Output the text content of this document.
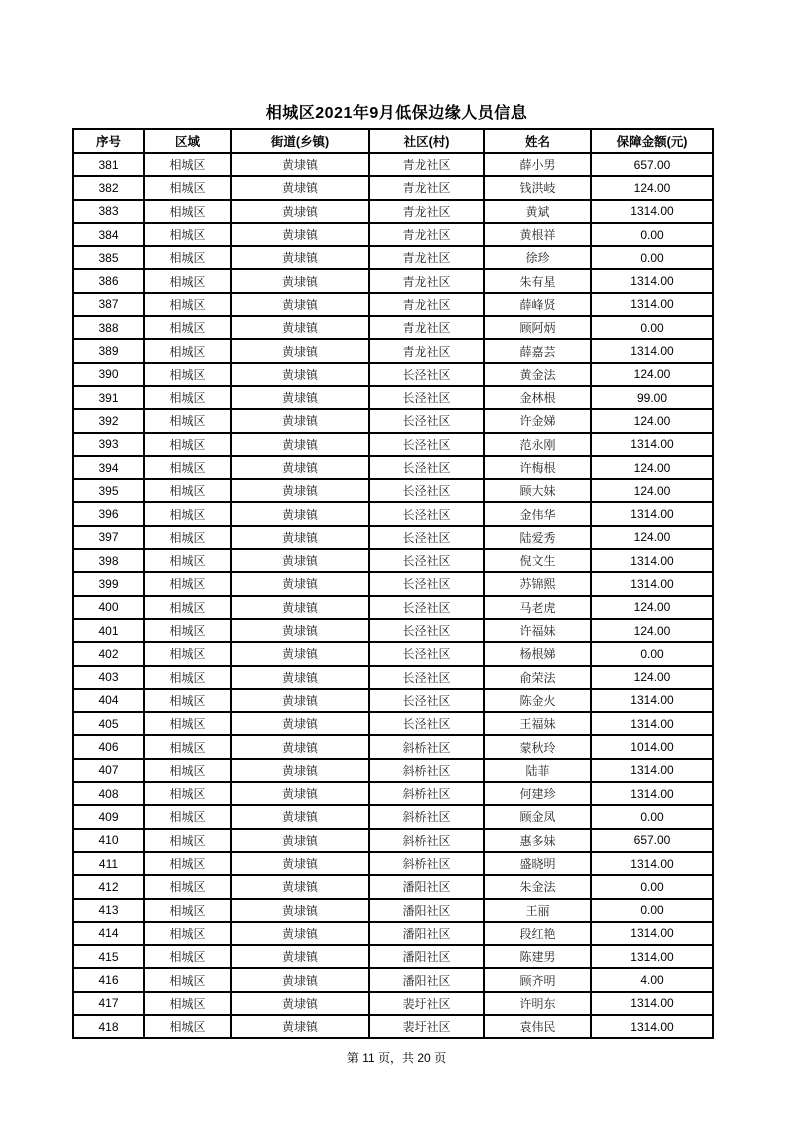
相城区2021年9月低保边缘人员信息
序号	区域	街道(乡镇)	社区(村)	姓名	保障金额(元)
381	相城区	黄埭镇	青龙社区	薛小男	657.00
382	相城区	黄埭镇	青龙社区	钱洪岐	124.00
383	相城区	黄埭镇	青龙社区	黄斌	1314.00
384	相城区	黄埭镇	青龙社区	黄根祥	0.00
385	相城区	黄埭镇	青龙社区	徐珍	0.00
386	相城区	黄埭镇	青龙社区	朱有星	1314.00
387	相城区	黄埭镇	青龙社区	薛峰贤	1314.00
388	相城区	黄埭镇	青龙社区	顾阿炳	0.00
389	相城区	黄埭镇	青龙社区	薛嘉芸	1314.00
390	相城区	黄埭镇	长泾社区	黄金法	124.00
391	相城区	黄埭镇	长泾社区	金林根	99.00
392	相城区	黄埭镇	长泾社区	许金娣	124.00
393	相城区	黄埭镇	长泾社区	范永刚	1314.00
394	相城区	黄埭镇	长泾社区	许梅根	124.00
395	相城区	黄埭镇	长泾社区	顾大妹	124.00
396	相城区	黄埭镇	长泾社区	金伟华	1314.00
397	相城区	黄埭镇	长泾社区	陆爱秀	124.00
398	相城区	黄埭镇	长泾社区	倪文生	1314.00
399	相城区	黄埭镇	长泾社区	苏锦熙	1314.00
400	相城区	黄埭镇	长泾社区	马老虎	124.00
401	相城区	黄埭镇	长泾社区	许福妹	124.00
402	相城区	黄埭镇	长泾社区	杨根娣	0.00
403	相城区	黄埭镇	长泾社区	俞荣法	124.00
404	相城区	黄埭镇	长泾社区	陈金火	1314.00
405	相城区	黄埭镇	长泾社区	王福妹	1314.00
406	相城区	黄埭镇	斜桥社区	蒙秋玲	1014.00
407	相城区	黄埭镇	斜桥社区	陆菲	1314.00
408	相城区	黄埭镇	斜桥社区	何建珍	1314.00
409	相城区	黄埭镇	斜桥社区	顾金凤	0.00
410	相城区	黄埭镇	斜桥社区	惠多妹	657.00
411	相城区	黄埭镇	斜桥社区	盛晓明	1314.00
412	相城区	黄埭镇	潘阳社区	朱金法	0.00
413	相城区	黄埭镇	潘阳社区	王丽	0.00
414	相城区	黄埭镇	潘阳社区	段红艳	1314.00
415	相城区	黄埭镇	潘阳社区	陈建男	1314.00
416	相城区	黄埭镇	潘阳社区	顾齐明	4.00
417	相城区	黄埭镇	裴圩社区	许明东	1314.00
418	相城区	黄埭镇	裴圩社区	袁伟民	1314.00
第 11 页，共 20 页
